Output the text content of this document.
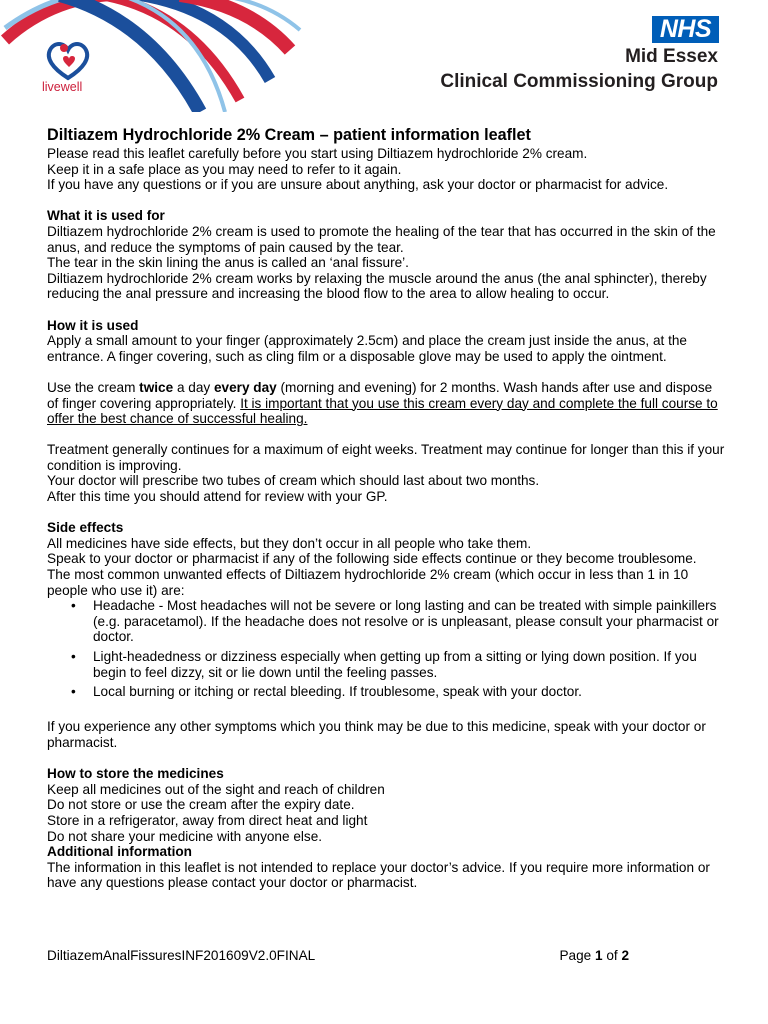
livewell
NHS
Mid Essex
Clinical Commissioning Group
Diltiazem Hydrochloride 2% Cream – patient information leaflet

Please read this leaflet carefully before you start using Diltiazem hydrochloride 2% cream.

Keep it in a safe place as you may need to refer to it again.

If you have any questions or if you are unsure about anything, ask your doctor or pharmacist for advice.

What it is used for

Diltiazem hydrochloride 2% cream is used to promote the healing of the tear that has occurred in the skin of the anus, and reduce the symptoms of pain caused by the tear.

The tear in the skin lining the anus is called an ‘anal fissure’.

Diltiazem hydrochloride 2% cream works by relaxing the muscle around the anus (the anal sphincter), thereby reducing the anal pressure and increasing the blood flow to the area to allow healing to occur.

How it is used

Apply a small amount to your finger (approximately 2.5cm) and place the cream just inside the anus, at the entrance. A finger covering, such as cling film or a disposable glove may be used to apply the ointment.

Use the cream twice a day every day (morning and evening) for 2 months. Wash hands after use and dispose of finger covering appropriately. It is important that you use this cream every day and complete the full course to offer the best chance of successful healing.

Treatment generally continues for a maximum of eight weeks. Treatment may continue for longer than this if your condition is improving.

Your doctor will prescribe two tubes of cream which should last about two months.

After this time you should attend for review with your GP.

Side effects

All medicines have side effects, but they don’t occur in all people who take them.

Speak to your doctor or pharmacist if any of the following side effects continue or they become troublesome.

The most common unwanted effects of Diltiazem hydrochloride 2% cream (which occur in less than 1 in 10 people who use it) are:

• Headache - Most headaches will not be severe or long lasting and can be treated with simple painkillers (e.g. paracetamol). If the headache does not resolve or is unpleasant, please consult your pharmacist or doctor.
• Light-headedness or dizziness especially when getting up from a sitting or lying down position. If you begin to feel dizzy, sit or lie down until the feeling passes.
• Local burning or itching or rectal bleeding. If troublesome, speak with your doctor.

If you experience any other symptoms which you think may be due to this medicine, speak with your doctor or pharmacist.

How to store the medicines

Keep all medicines out of the sight and reach of children

Do not store or use the cream after the expiry date.

Store in a refrigerator, away from direct heat and light

Do not share your medicine with anyone else.

Additional information

The information in this leaflet is not intended to replace your doctor’s advice. If you require more information or have any questions please contact your doctor or pharmacist.

DiltiazemAnalFissuresINF201609V2.0FINAL	Page 1 of 2
